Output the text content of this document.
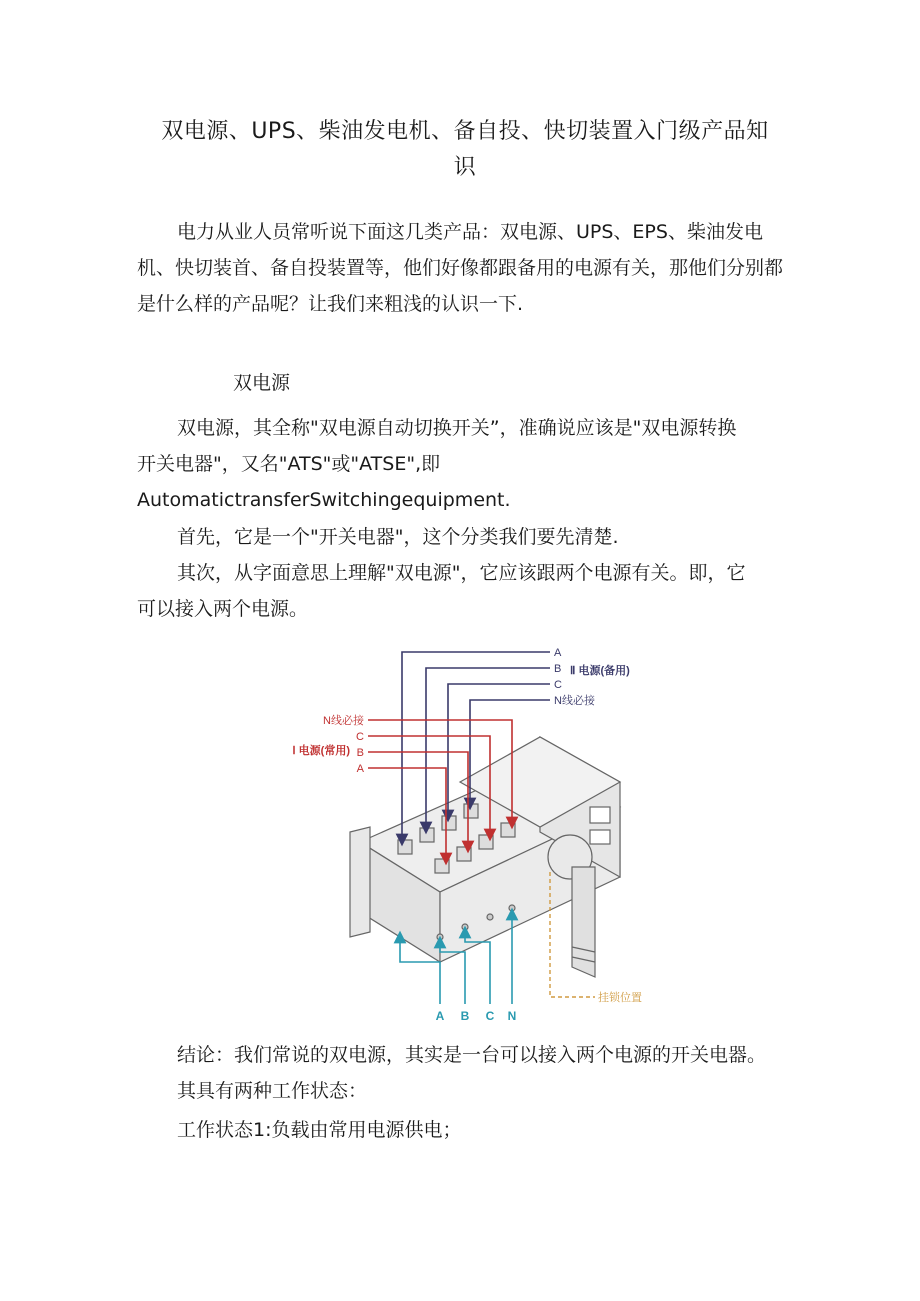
双电源、UPS、柴油发电机、备自投、快切装置入门级产品知
识

电力从业人员常听说下面这几类产品：双电源、UPS、EPS、柴油发电机、快切装首、备自投装置等，他们好像都跟备用的电源有关，那他们分别都是什么样的产品呢？让我们来粗浅的认识一下.

双电源

双电源，其全称"双电源自动切换开关”，准确说应该是"双电源转换
开关电器"，又名"ATS"或"ATSE",即
AutomatictransferSwitchingequipment.

首先，它是一个"开关电器"，这个分类我们要先清楚.

其次，从字面意思上理解"双电源"，它应该跟两个电源有关。即，它
可以接入两个电源。

A
B
C
N线必接
Ⅱ 电源(备用)
N线必接
C
B
A
Ⅰ 电源(常用)
A B C N
挂锁位置

结论：我们常说的双电源，其实是一台可以接入两个电源的开关电器。

其具有两种工作状态：

工作状态1:负载由常用电源供电；
